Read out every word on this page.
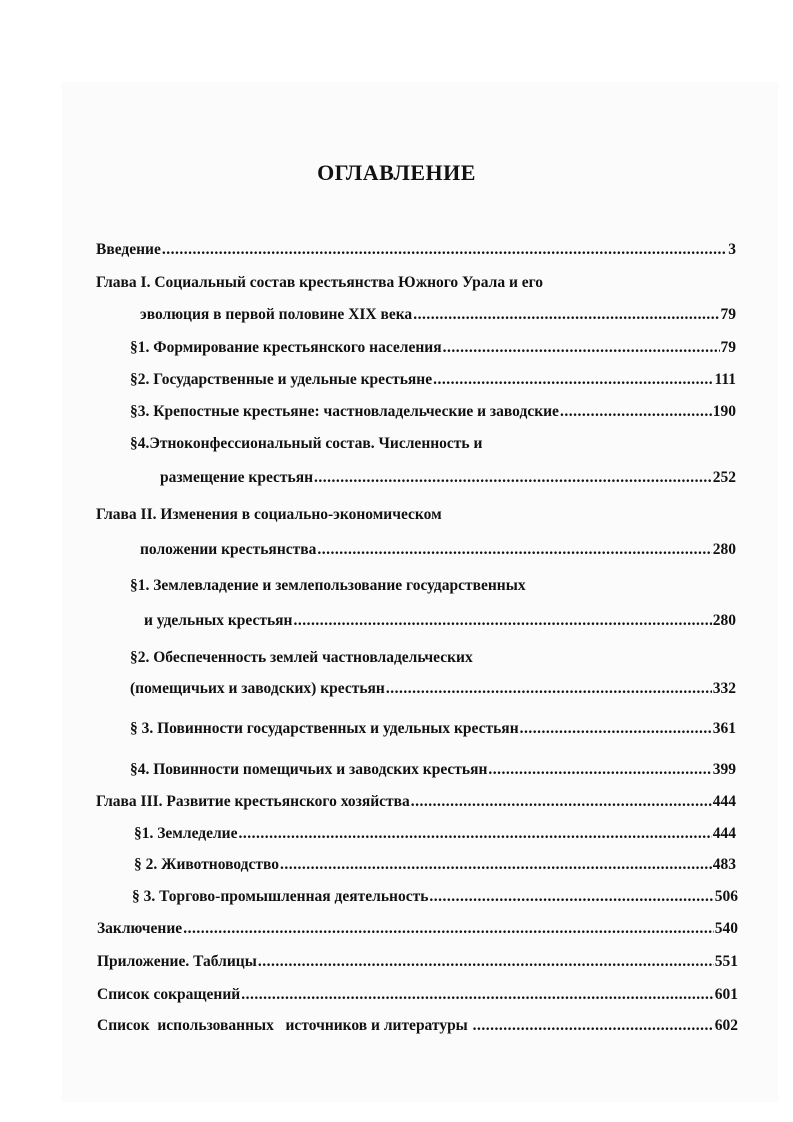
ОГЛАВЛЕНИЕ
Введение .....	3
Глава I. Социальный состав крестьянства Южного Урала и его
эволюция в первой половине XIX века .....	79
§1. Формирование крестьянского населения .....	79
§2. Государственные и удельные крестьяне .....	111
§3. Крепостные крестьяне: частновладельческие и заводские .....	190
§4.Этноконфессиональный состав. Численность и
размещение крестьян .....	252
Глава II. Изменения в социально-экономическом
положении крестьянства .....	280
§1. Землевладение и землепользование государственных
и удельных крестьян .....	280
§2. Обеспеченность землей частновладельческих
(помещичьих и заводских) крестьян .....	332
§ 3. Повинности государственных и удельных крестьян .....	361
§4. Повинности помещичьих и заводских крестьян .....	399
Глава III. Развитие крестьянского хозяйства .....	444
§1. Земледелие .....	444
§ 2. Животноводство .....	483
§ 3. Торгово-промышленная деятельность .....	506
Заключение .....	540
Приложение. Таблицы .....	551
Список сокращений .....	601
Список  использованных   источников и литературы .....	602
